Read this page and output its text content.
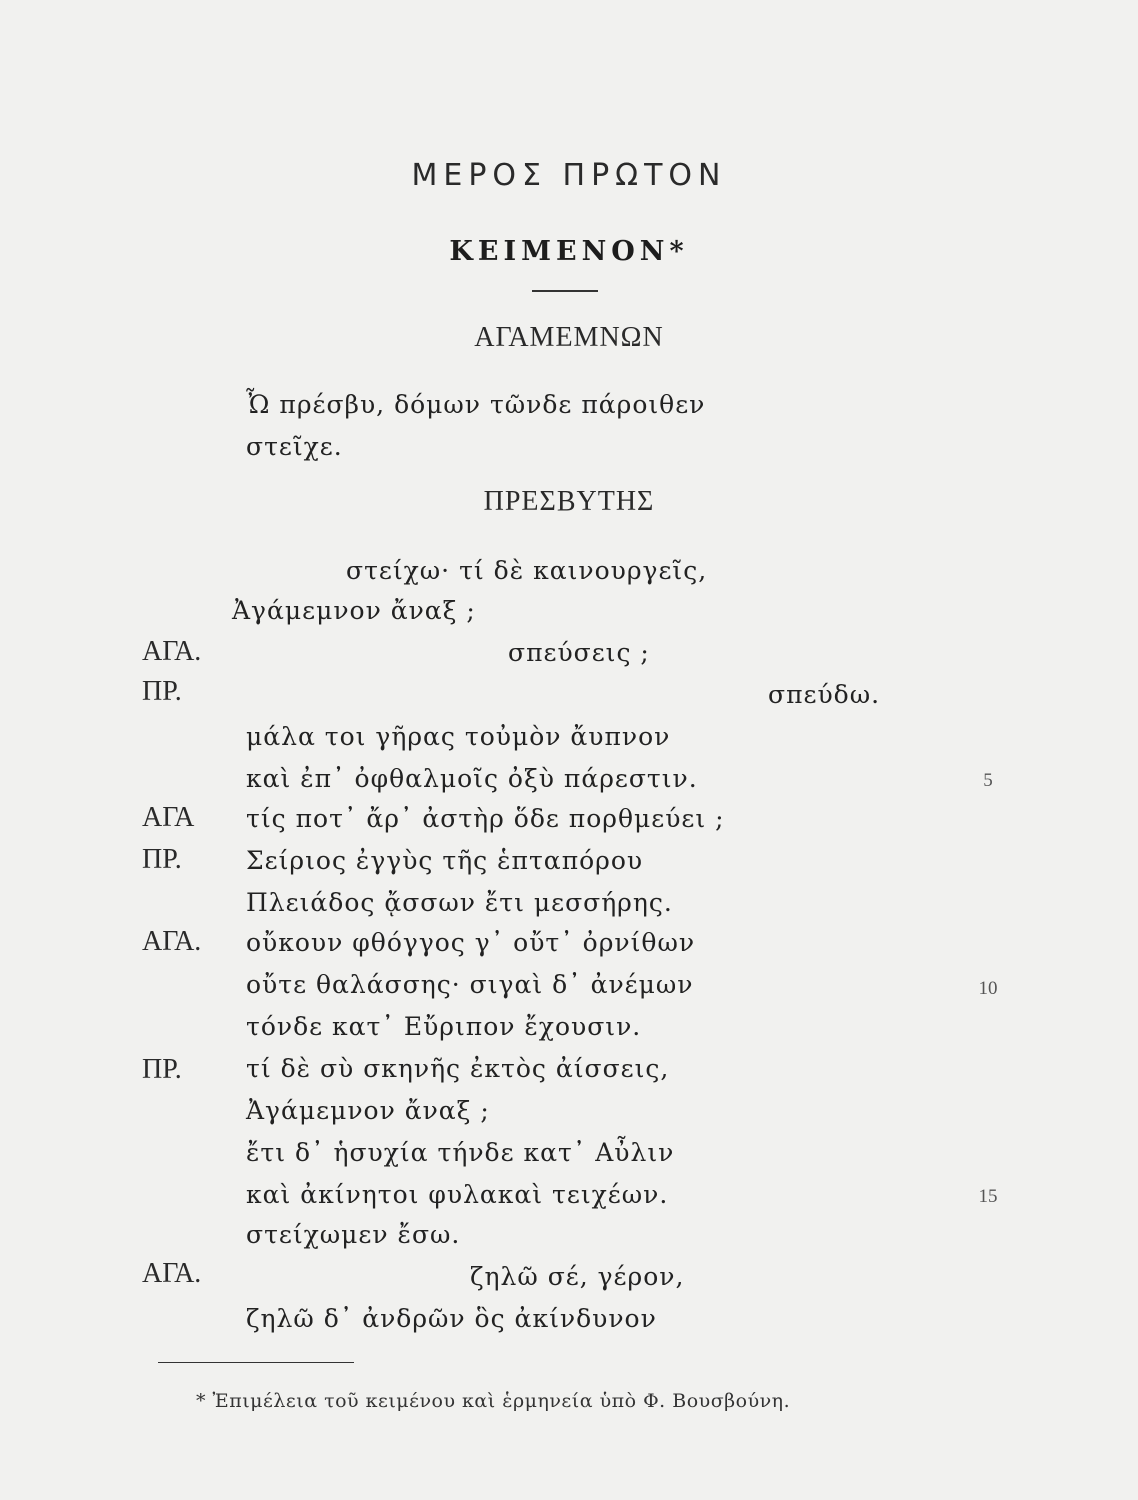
ΜΕΡΟΣ ΠΡΩΤΟΝ
ΚΕΙΜΕΝΟΝ*
ΑΓΑΜΕΜΝΩΝ
Ὦ πρέσβυ, δόμων τῶνδε πάροιθεν
στεῖχε.
ΠΡΕΣΒΥΤΗΣ
στείχω· τί δὲ καινουργεῖς,
Ἀγάμεμνον ἄναξ ;
ΑΓΑ.	σπεύσεις ;
ΠΡ.	σπεύδω.
μάλα τοι γῆρας τοὐμὸν ἄυπνον
καὶ ἐπ᾽ ὀφθαλμοῖς ὀξὺ πάρεστιν.	5
ΑΓΑ τίς ποτ᾽ ἄρ᾽ ἀστὴρ ὅδε πορθμεύει ;
ΠΡ.	Σείριος ἐγγὺς τῆς ἑπταπόρου
Πλειάδος ᾄσσων ἔτι μεσσήρης.
ΑΓΑ. οὔκουν φθόγγος γ᾽ οὔτ᾽ ὀρνίθων
οὔτε θαλάσσης· σιγαὶ δ᾽ ἀνέμων	10
τόνδε κατ᾽ Εὔριπον ἔχουσιν.
ΠΡ.	τί δὲ σὺ σκηνῆς ἐκτὸς ἀίσσεις,
Ἀγάμεμνον ἄναξ ;
ἔτι δ᾽ ἡσυχία τήνδε κατ᾽ Αὖλιν
καὶ ἀκίνητοι φυλακαὶ τειχέων.	15
στείχωμεν ἔσω.
ΑΓΑ.	ζηλῶ σέ, γέρον,
ζηλῶ δ᾽ ἀνδρῶν ὃς ἀκίνδυνον
* Ἐπιμέλεια τοῦ κειμένου καὶ ἑρμηνεία ὑπὸ Φ. Βουσβούνη.
